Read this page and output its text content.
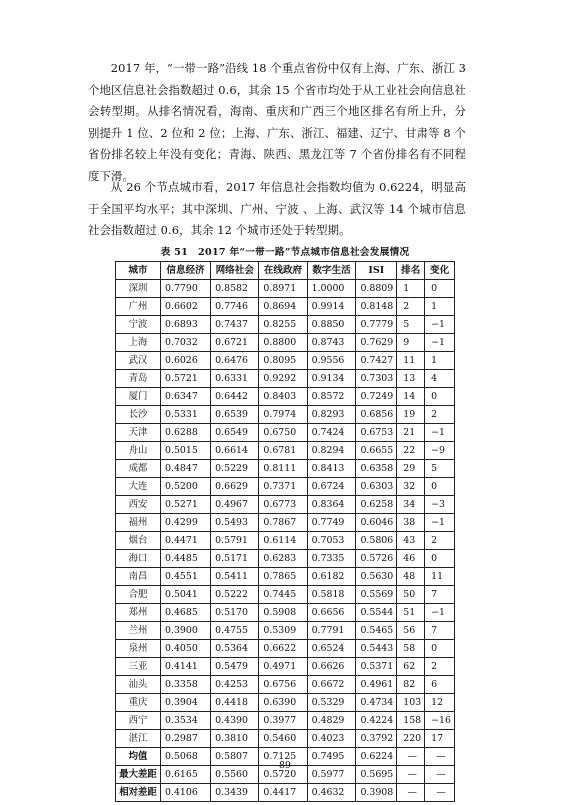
2017 年，“一带一路”沿线 18 个重点省份中仅有上海、广东、浙江 3 个地区信息社会指数超过 0.6，其余 15 个省市均处于从工业社会向信息社会转型期。从排名情况看，海南、重庆和广西三个地区排名有所上升，分别提升 1 位、2 位和 2 位；上海、广东、浙江、福建、辽宁、甘肃等 8 个省份排名较上年没有变化；青海、陕西、黑龙江等 7 个省份排名有不同程度下滑。

从 26 个节点城市看，2017 年信息社会指数均值为 0.6224，明显高于全国平均水平；其中深圳、广州、宁波 、上海、武汉等 14 个城市信息社会指数超过 0.6，其余 12 个城市还处于转型期。

表 51　2017 年“一带一路”节点城市信息社会发展情况
城市	信息经济	网络社会	在线政府	数字生活	ISI	排名	变化
深圳	0.7790	0.8582	0.8971	1.0000	0.8809	1	0
广州	0.6602	0.7746	0.8694	0.9914	0.8148	2	1
宁波	0.6893	0.7437	0.8255	0.8850	0.7779	5	−1
上海	0.7032	0.6721	0.8800	0.8743	0.7629	9	−1
武汉	0.6026	0.6476	0.8095	0.9556	0.7427	11	1
青岛	0.5721	0.6331	0.9292	0.9134	0.7303	13	4
厦门	0.6347	0.6442	0.8403	0.8572	0.7249	14	0
长沙	0.5331	0.6539	0.7974	0.8293	0.6856	19	2
天津	0.6288	0.6549	0.6750	0.7424	0.6753	21	−1
舟山	0.5015	0.6614	0.6781	0.8294	0.6655	22	−9
成都	0.4847	0.5229	0.8111	0.8413	0.6358	29	5
大连	0.5200	0.6629	0.7371	0.6724	0.6303	32	0
西安	0.5271	0.4967	0.6773	0.8364	0.6258	34	−3
福州	0.4299	0.5493	0.7867	0.7749	0.6046	38	−1
烟台	0.4471	0.5791	0.6114	0.7053	0.5806	43	2
海口	0.4485	0.5171	0.6283	0.7335	0.5726	46	0
南昌	0.4551	0.5411	0.7865	0.6182	0.5630	48	11
合肥	0.5041	0.5222	0.7445	0.5818	0.5569	50	7
郑州	0.4685	0.5170	0.5908	0.6656	0.5544	51	−1
兰州	0.3900	0.4755	0.5309	0.7791	0.5465	56	7
泉州	0.4050	0.5364	0.6622	0.6524	0.5443	58	0
三亚	0.4141	0.5479	0.4971	0.6626	0.5371	62	2
汕头	0.3358	0.4253	0.6756	0.6672	0.4961	82	6
重庆	0.3904	0.4418	0.6390	0.5329	0.4734	103	12
西宁	0.3534	0.4390	0.3977	0.4829	0.4224	158	−16
湛江	0.2987	0.3810	0.5460	0.4023	0.3792	220	17
均值	0.5068	0.5807	0.7125	0.7495	0.6224	—	—
最大差距	0.6165	0.5560	0.5720	0.5977	0.5695	—	—
相对差距	0.4106	0.3439	0.4417	0.4632	0.3908	—	—
89
